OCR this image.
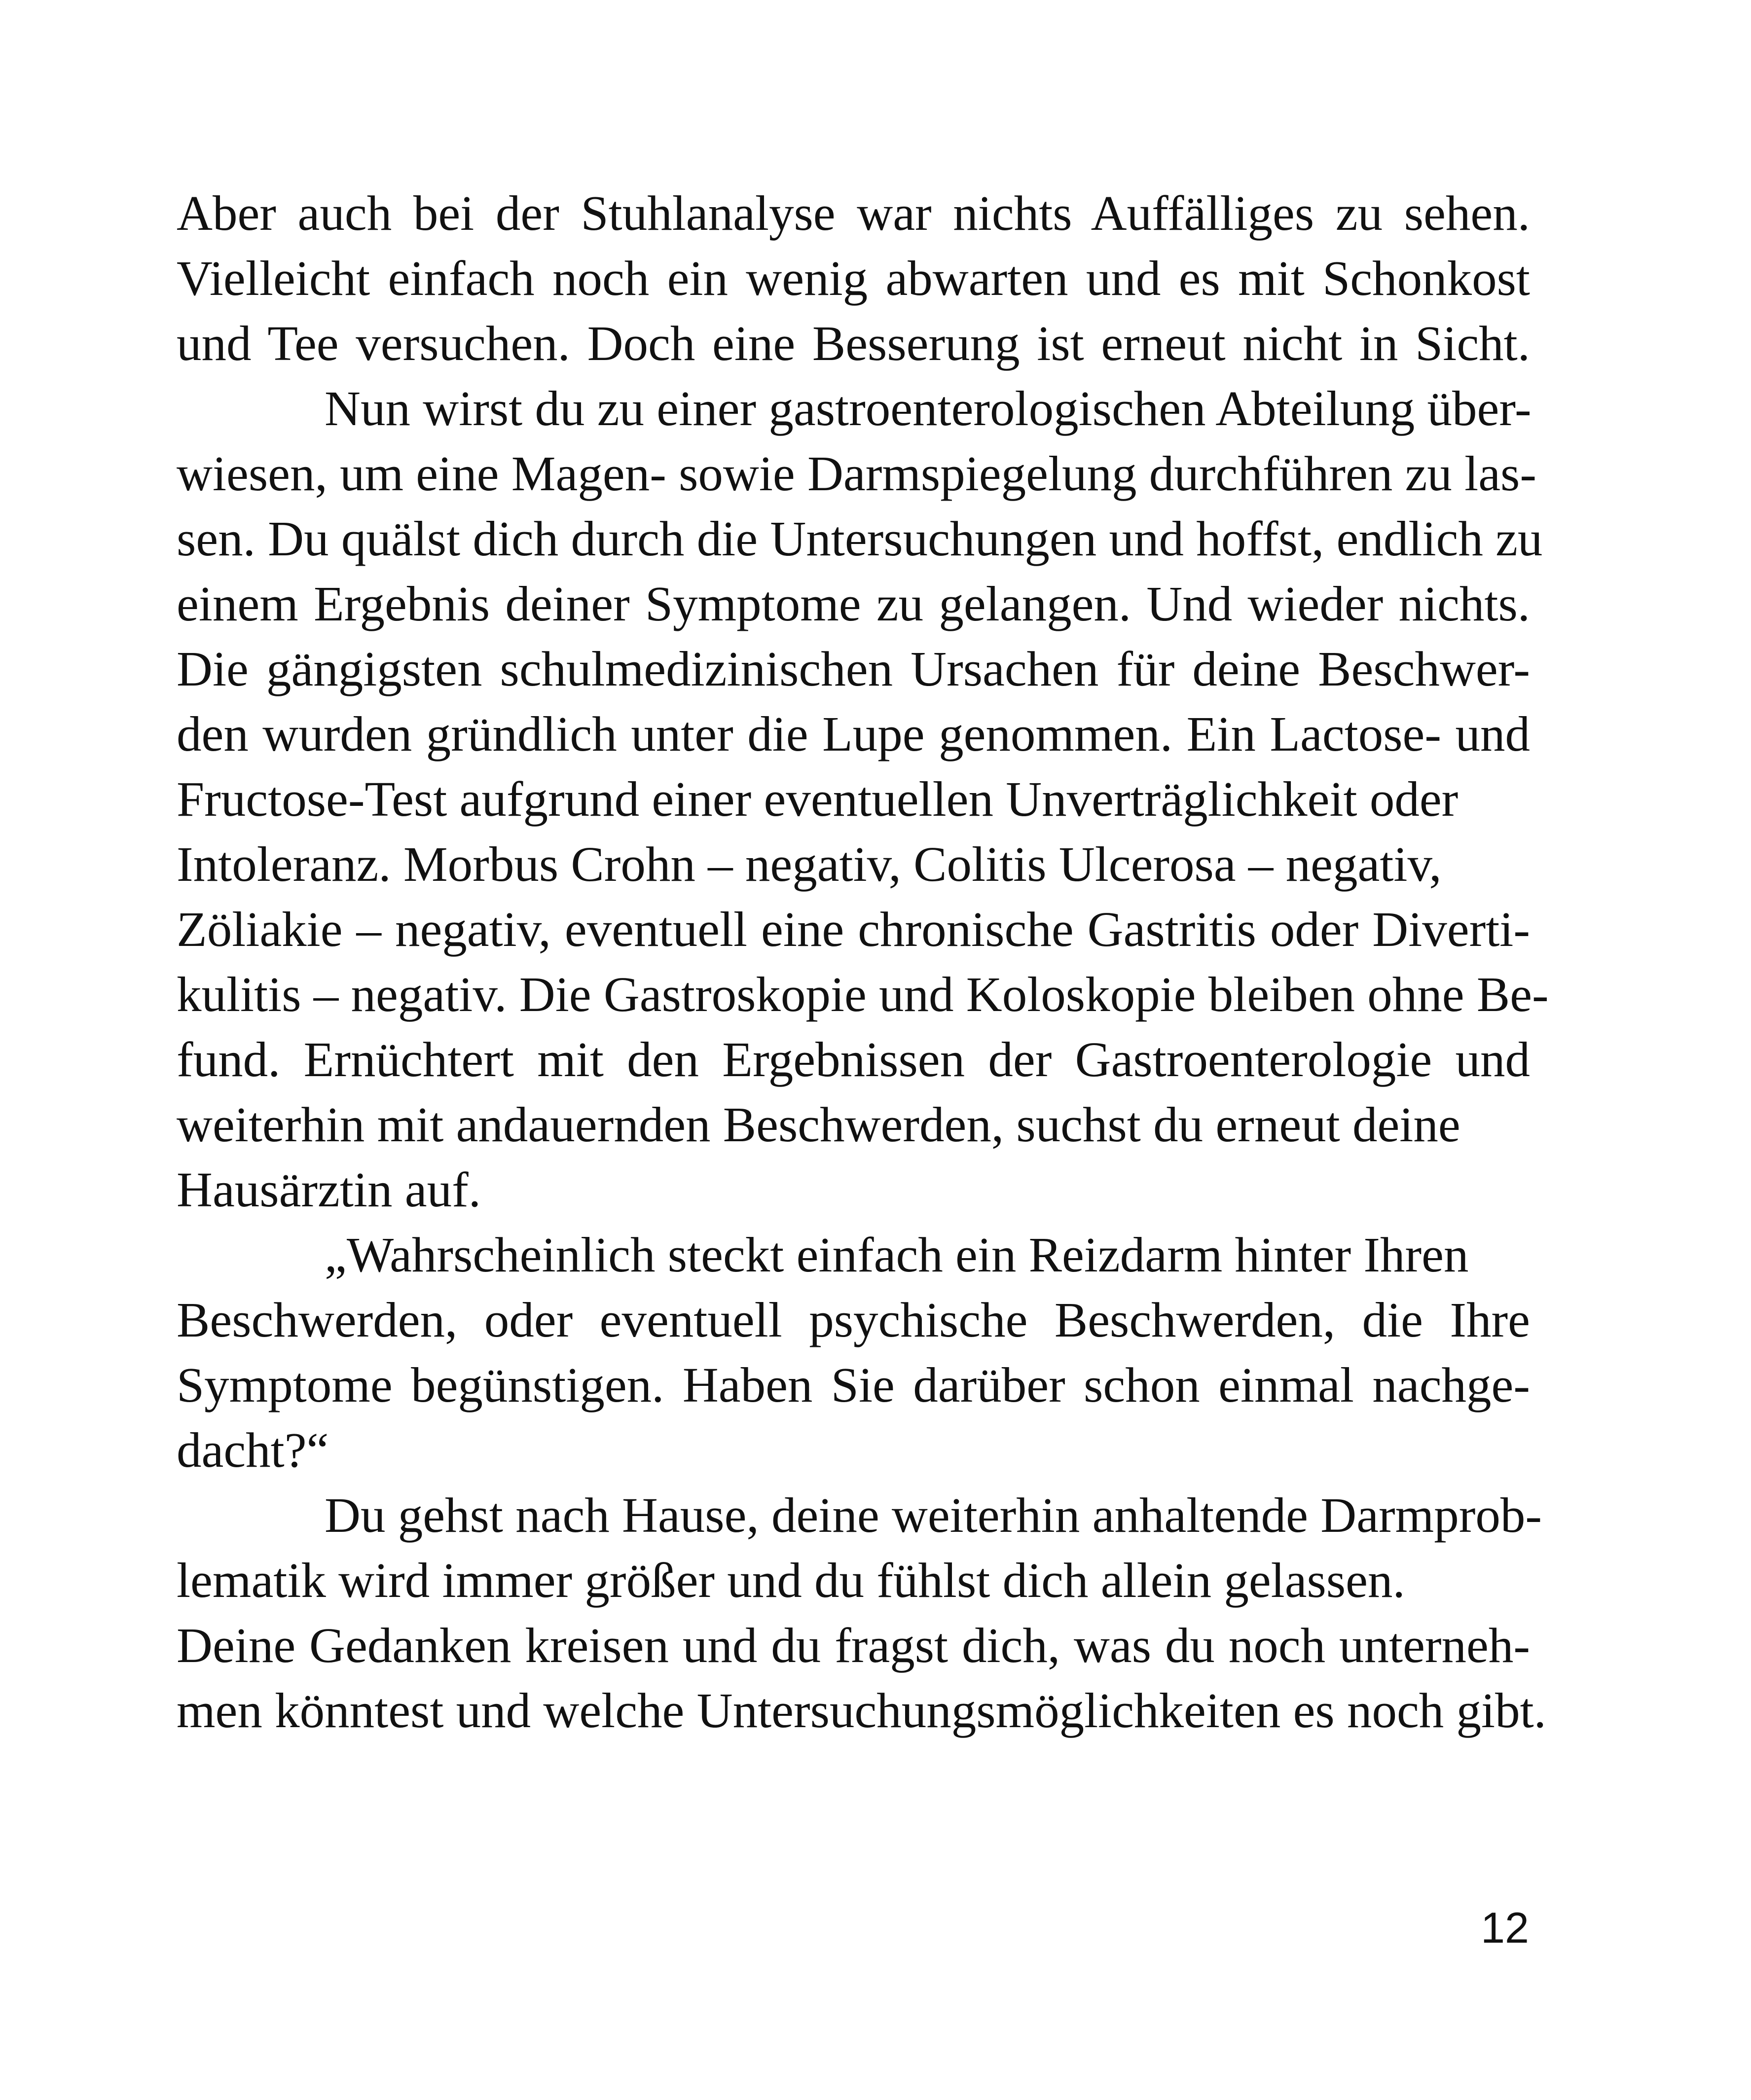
Aber auch bei der Stuhlanalyse war nichts Auffälliges zu sehen.
Vielleicht einfach noch ein wenig abwarten und es mit Schonkost
und Tee versuchen. Doch eine Besserung ist erneut nicht in Sicht.
Nun wirst du zu einer gastroenterologischen Abteilung über-
wiesen, um eine Magen- sowie Darmspiegelung durchführen zu las-
sen. Du quälst dich durch die Untersuchungen und hoffst, endlich zu
einem Ergebnis deiner Symptome zu gelangen. Und wieder nichts.
Die gängigsten schulmedizinischen Ursachen für deine Beschwer-
den wurden gründlich unter die Lupe genommen. Ein Lactose- und
Fructose-Test aufgrund einer eventuellen Unverträglichkeit oder
Intoleranz. Morbus Crohn – negativ, Colitis Ulcerosa – negativ,
Zöliakie – negativ, eventuell eine chronische Gastritis oder Diverti-
kulitis – negativ. Die Gastroskopie und Koloskopie bleiben ohne Be-
fund. Ernüchtert mit den Ergebnissen der Gastroenterologie und
weiterhin mit andauernden Beschwerden, suchst du erneut deine
Hausärztin auf.
„Wahrscheinlich steckt einfach ein Reizdarm hinter Ihren
Beschwerden, oder eventuell psychische Beschwerden, die Ihre
Symptome begünstigen. Haben Sie darüber schon einmal nachge-
dacht?“
Du gehst nach Hause, deine weiterhin anhaltende Darmprob-
lematik wird immer größer und du fühlst dich allein gelassen.
Deine Gedanken kreisen und du fragst dich, was du noch unterneh-
men könntest und welche Untersuchungsmöglichkeiten es noch gibt.
12
